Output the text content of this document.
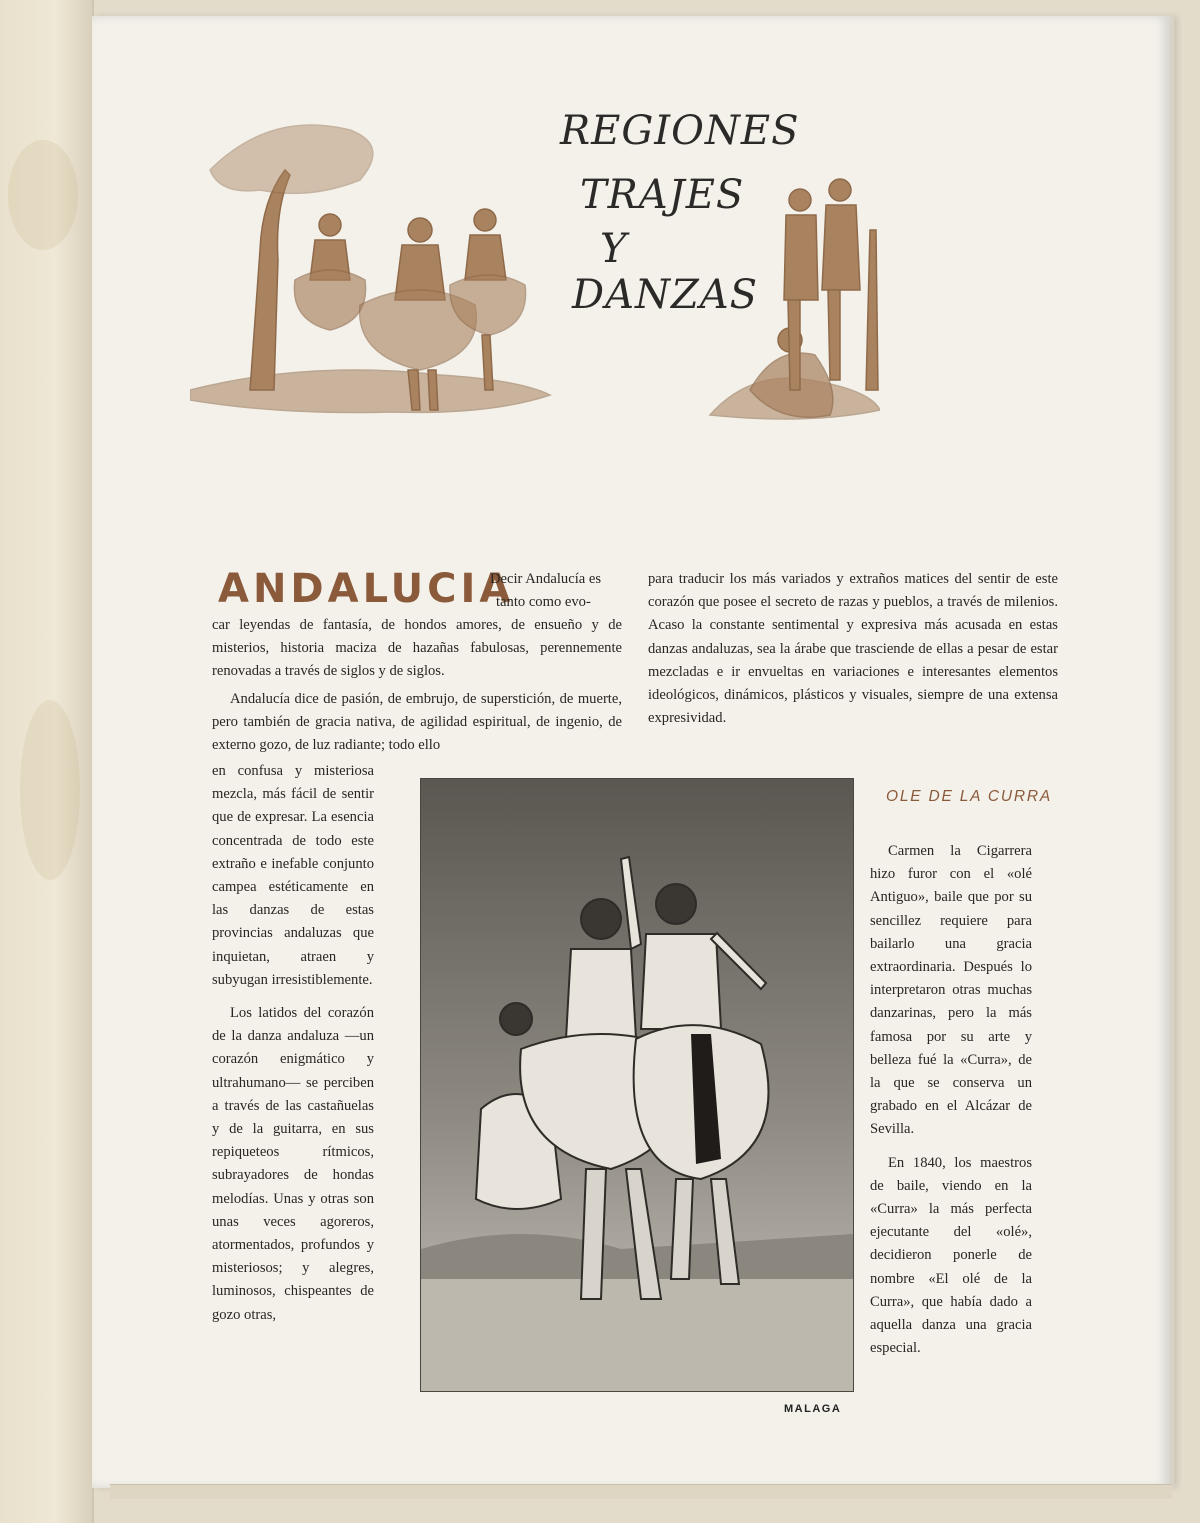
REGIONES
TRAJES
Y
DANZAS
ANDALUCIA
Decir Andalucía es
tanto como evo-

car leyendas de fantasía, de hondos amores, de ensueño y de misterios, historia maciza de hazañas fabulosas, perennemente renovadas a través de siglos y de siglos.

Andalucía dice de pasión, de embrujo, de superstición, de muerte, pero también de gracia nativa, de agilidad espiritual, de ingenio, de externo gozo, de luz radiante; todo ello

para traducir los más variados y extraños matices del sentir de este corazón que posee el secreto de razas y pueblos, a través de milenios. Acaso la constante sentimental y expresiva más acusada en estas danzas andaluzas, sea la árabe que trasciende de ellas a pesar de estar mezcladas e ir envueltas en variaciones e interesantes elementos ideológicos, dinámicos, plásticos y visuales, siempre de una extensa expresividad.

en confusa y misteriosa mezcla, más fácil de sentir que de expresar. La esencia concentrada de todo este extraño e inefable conjunto campea estéticamente en las danzas de estas provincias andaluzas que inquietan, atraen y subyugan irresistiblemente.

Los latidos del corazón de la danza andaluza —un corazón enigmático y ultrahumano— se perciben a través de las castañuelas y de la guitarra, en sus repiqueteos rítmicos, subrayadores de hondas melodías. Unas y otras son unas veces agoreros, atormentados, profundos y misteriosos; y alegres, luminosos, chispeantes de gozo otras,

MALAGA
OLE DE LA CURRA

Carmen la Cigarrera hizo furor con el «olé Antiguo», baile que por su sencillez requiere para bailarlo una gracia extraordinaria. Después lo interpretaron otras muchas danzarinas, pero la más famosa por su arte y belleza fué la «Curra», de la que se conserva un grabado en el Alcázar de Sevilla.

En 1840, los maestros de baile, viendo en la «Curra» la más perfecta ejecutante del «olé», decidieron ponerle de nombre «El olé de la Curra», que había dado a aquella danza una gracia especial.
